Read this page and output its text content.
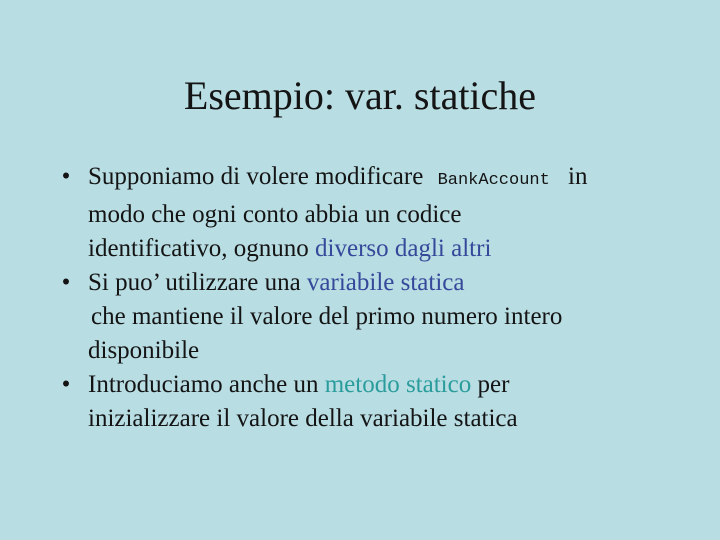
Esempio: var. statiche
• Supponiamo di volere modificare BankAccount in
modo che ogni conto abbia un codice
identificativo, ognuno diverso dagli altri
• Si puo’ utilizzare una variabile statica
che mantiene il valore del primo numero intero
disponibile
• Introduciamo anche un metodo statico per
inizializzare il valore della variabile statica
